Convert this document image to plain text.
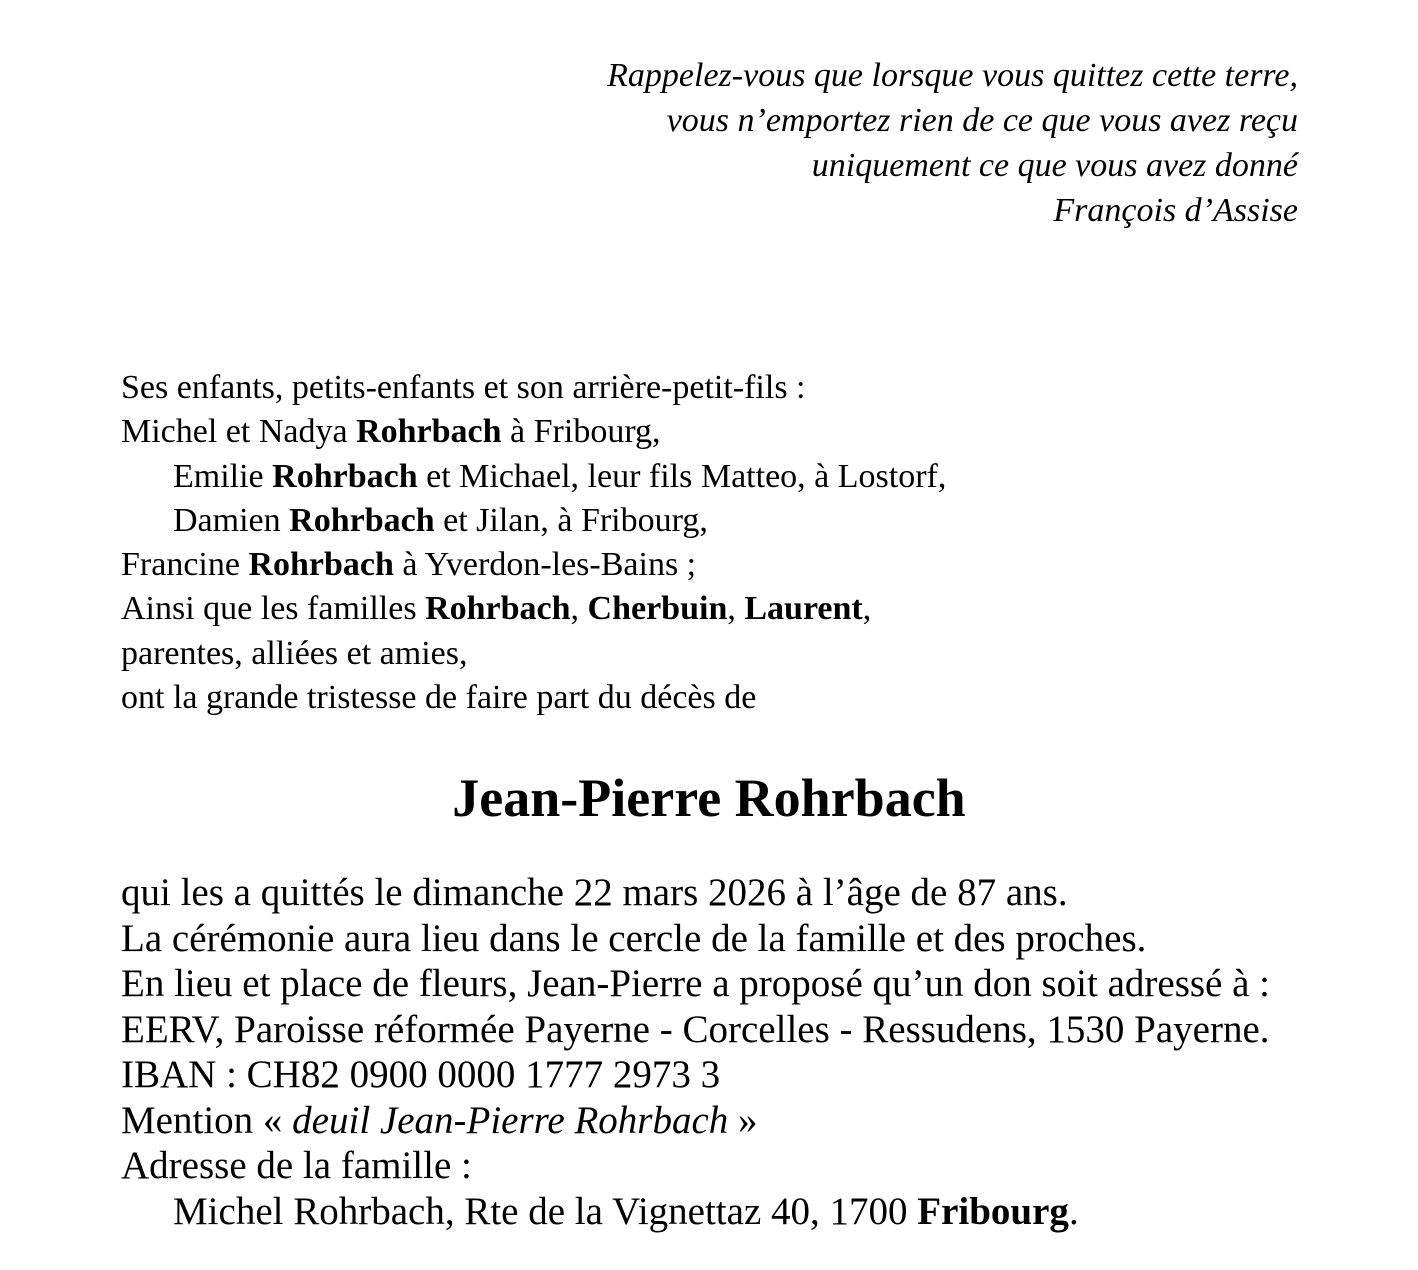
Rappelez-vous que lorsque vous quittez cette terre,
vous n’emportez rien de ce que vous avez reçu
uniquement ce que vous avez donné
François d’Assise
Ses enfants, petits-enfants et son arrière-petit-fils :
Michel et Nadya Rohrbach à Fribourg,
Emilie Rohrbach et Michael, leur fils Matteo, à Lostorf,
Damien Rohrbach et Jilan, à Fribourg,
Francine Rohrbach à Yverdon-les-Bains ;
Ainsi que les familles Rohrbach, Cherbuin, Laurent,
parentes, alliées et amies,
ont la grande tristesse de faire part du décès de
Jean-Pierre Rohrbach
qui les a quittés le dimanche 22 mars 2026 à l’âge de 87 ans.
La cérémonie aura lieu dans le cercle de la famille et des proches.
En lieu et place de fleurs, Jean-Pierre a proposé qu’un don soit adressé à :
EERV, Paroisse réformée Payerne - Corcelles - Ressudens, 1530 Payerne.
IBAN : CH82 0900 0000 1777 2973 3
Mention « deuil Jean-Pierre Rohrbach »
Adresse de la famille :
Michel Rohrbach, Rte de la Vignettaz 40, 1700 Fribourg.
